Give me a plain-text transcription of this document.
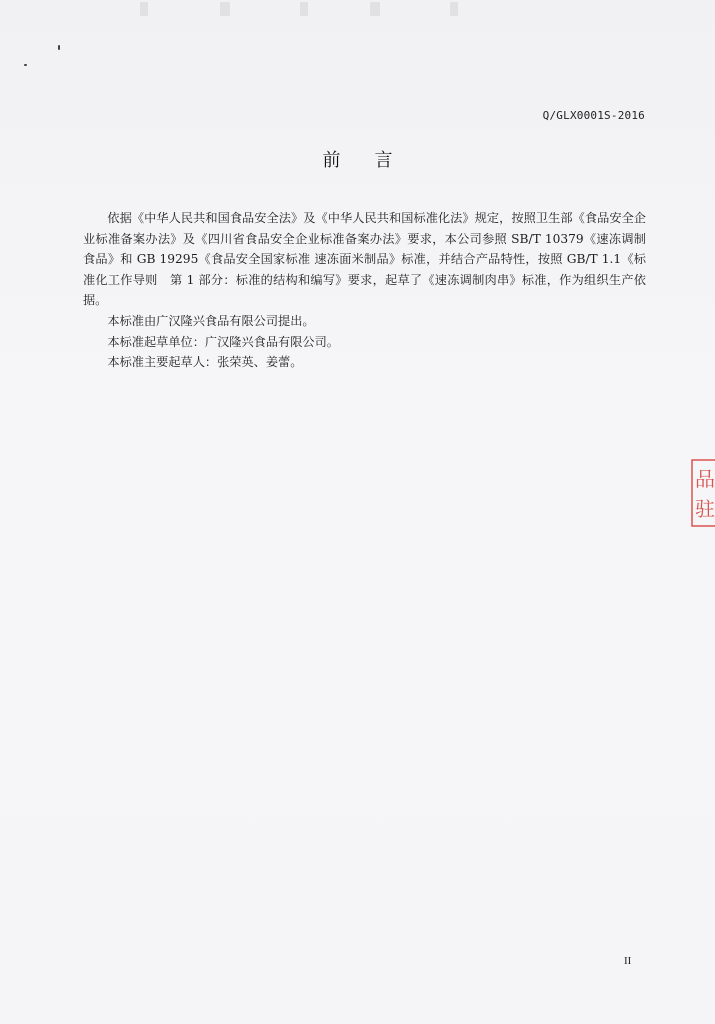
Q/GLX0001S-2016
前言

依据《中华人民共和国食品安全法》及《中华人民共和国标准化法》规定，按照卫生部《食品安全企业标准备案办法》及《四川省食品安全企业标准备案办法》要求，本公司参照 SB/T 10379《速冻调制食品》和 GB 19295《食品安全国家标准 速冻面米制品》标准，并结合产品特性，按照 GB/T 1.1《标准化工作导则　第 1 部分：标准的结构和编写》要求，起草了《速冻调制肉串》标准，作为组织生产依据。

本标准由广汉隆兴食品有限公司提出。

本标准起草单位：广汉隆兴食品有限公司。

本标准主要起草人：张荣英、姜蕾。

品
驻
II
